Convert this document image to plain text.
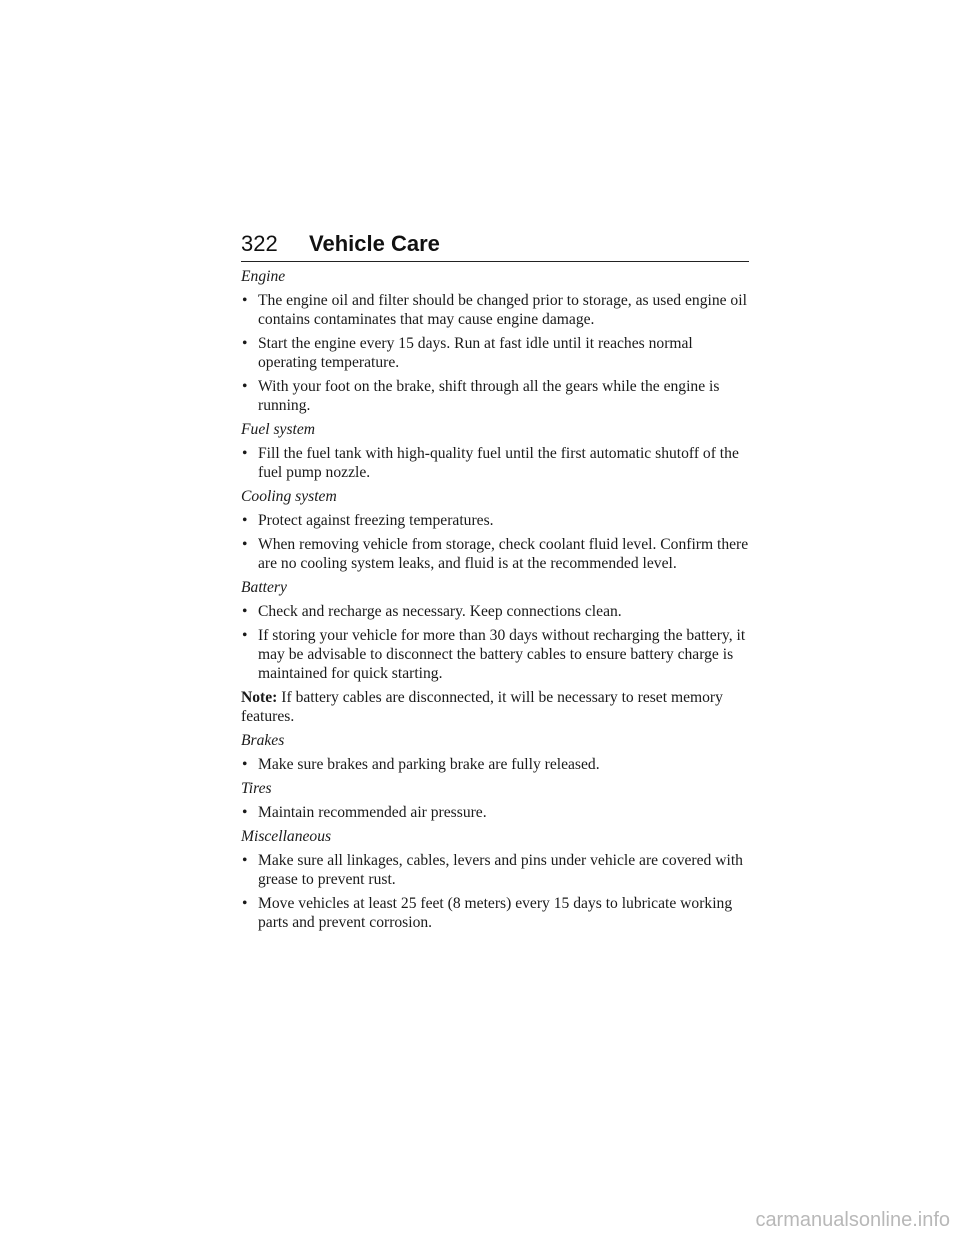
322 Vehicle Care
Engine
• The engine oil and filter should be changed prior to storage, as used engine oil contains contaminates that may cause engine damage.
• Start the engine every 15 days. Run at fast idle until it reaches normal operating temperature.
• With your foot on the brake, shift through all the gears while the engine is running.
Fuel system
• Fill the fuel tank with high-quality fuel until the first automatic shutoff of the fuel pump nozzle.
Cooling system
• Protect against freezing temperatures.
• When removing vehicle from storage, check coolant fluid level. Confirm there are no cooling system leaks, and fluid is at the recommended level.
Battery
• Check and recharge as necessary. Keep connections clean.
• If storing your vehicle for more than 30 days without recharging the battery, it may be advisable to disconnect the battery cables to ensure battery charge is maintained for quick starting.
Note: If battery cables are disconnected, it will be necessary to reset memory features.
Brakes
• Make sure brakes and parking brake are fully released.
Tires
• Maintain recommended air pressure.
Miscellaneous
• Make sure all linkages, cables, levers and pins under vehicle are covered with grease to prevent rust.
• Move vehicles at least 25 feet (8 meters) every 15 days to lubricate working parts and prevent corrosion.
carmanualsonline.info
